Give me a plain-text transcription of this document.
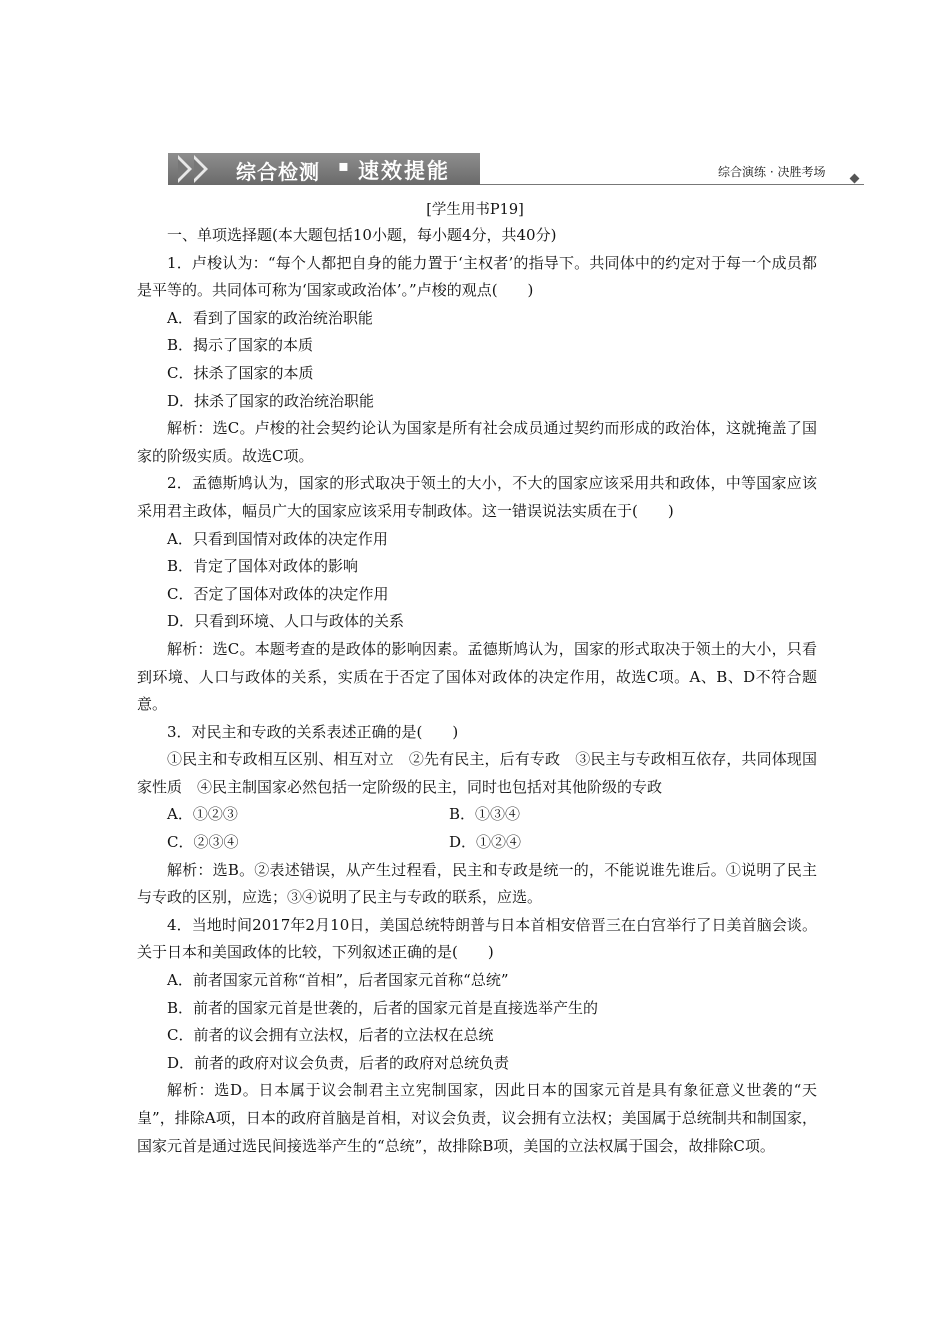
综合检测 ▪ 速效提能	综合演练 · 决胜考场
[学生用书P19]

一、单项选择题(本大题包括10小题，每小题4分，共40分)

1．卢梭认为：“每个人都把自身的能力置于‘主权者’的指导下。共同体中的约定对于每一个成员都是平等的。共同体可称为‘国家或政治体’。”卢梭的观点(　　)

A．看到了国家的政治统治职能

B．揭示了国家的本质

C．抹杀了国家的本质

D．抹杀了国家的政治统治职能

解析：选C。卢梭的社会契约论认为国家是所有社会成员通过契约而形成的政治体，这就掩盖了国家的阶级实质。故选C项。

2．孟德斯鸠认为，国家的形式取决于领土的大小，不大的国家应该采用共和政体，中等国家应该采用君主政体，幅员广大的国家应该采用专制政体。这一错误说法实质在于(　　)

A．只看到国情对政体的决定作用

B．肯定了国体对政体的影响

C．否定了国体对政体的决定作用

D．只看到环境、人口与政体的关系

解析：选C。本题考查的是政体的影响因素。孟德斯鸠认为，国家的形式取决于领土的大小，只看到环境、人口与政体的关系，实质在于否定了国体对政体的决定作用，故选C项。A、B、D不符合题意。

3．对民主和专政的关系表述正确的是(　　)

①民主和专政相互区别、相互对立　②先有民主，后有专政　③民主与专政相互依存，共同体现国家性质　④民主制国家必然包括一定阶级的民主，同时也包括对其他阶级的专政

A．①②③	B．①③④
C．②③④	D．①②④

解析：选B。②表述错误，从产生过程看，民主和专政是统一的，不能说谁先谁后。①说明了民主与专政的区别，应选；③④说明了民主与专政的联系，应选。

4．当地时间2017年2月10日，美国总统特朗普与日本首相安倍晋三在白宫举行了日美首脑会谈。关于日本和美国政体的比较，下列叙述正确的是(　　)

A．前者国家元首称“首相”，后者国家元首称“总统”

B．前者的国家元首是世袭的，后者的国家元首是直接选举产生的

C．前者的议会拥有立法权，后者的立法权在总统

D．前者的政府对议会负责，后者的政府对总统负责

解析：选D。日本属于议会制君主立宪制国家，因此日本的国家元首是具有象征意义世袭的“天皇”，排除A项，日本的政府首脑是首相，对议会负责，议会拥有立法权；美国属于总统制共和制国家，国家元首是通过选民间接选举产生的“总统”，故排除B项，美国的立法权属于国会，故排除C项。
